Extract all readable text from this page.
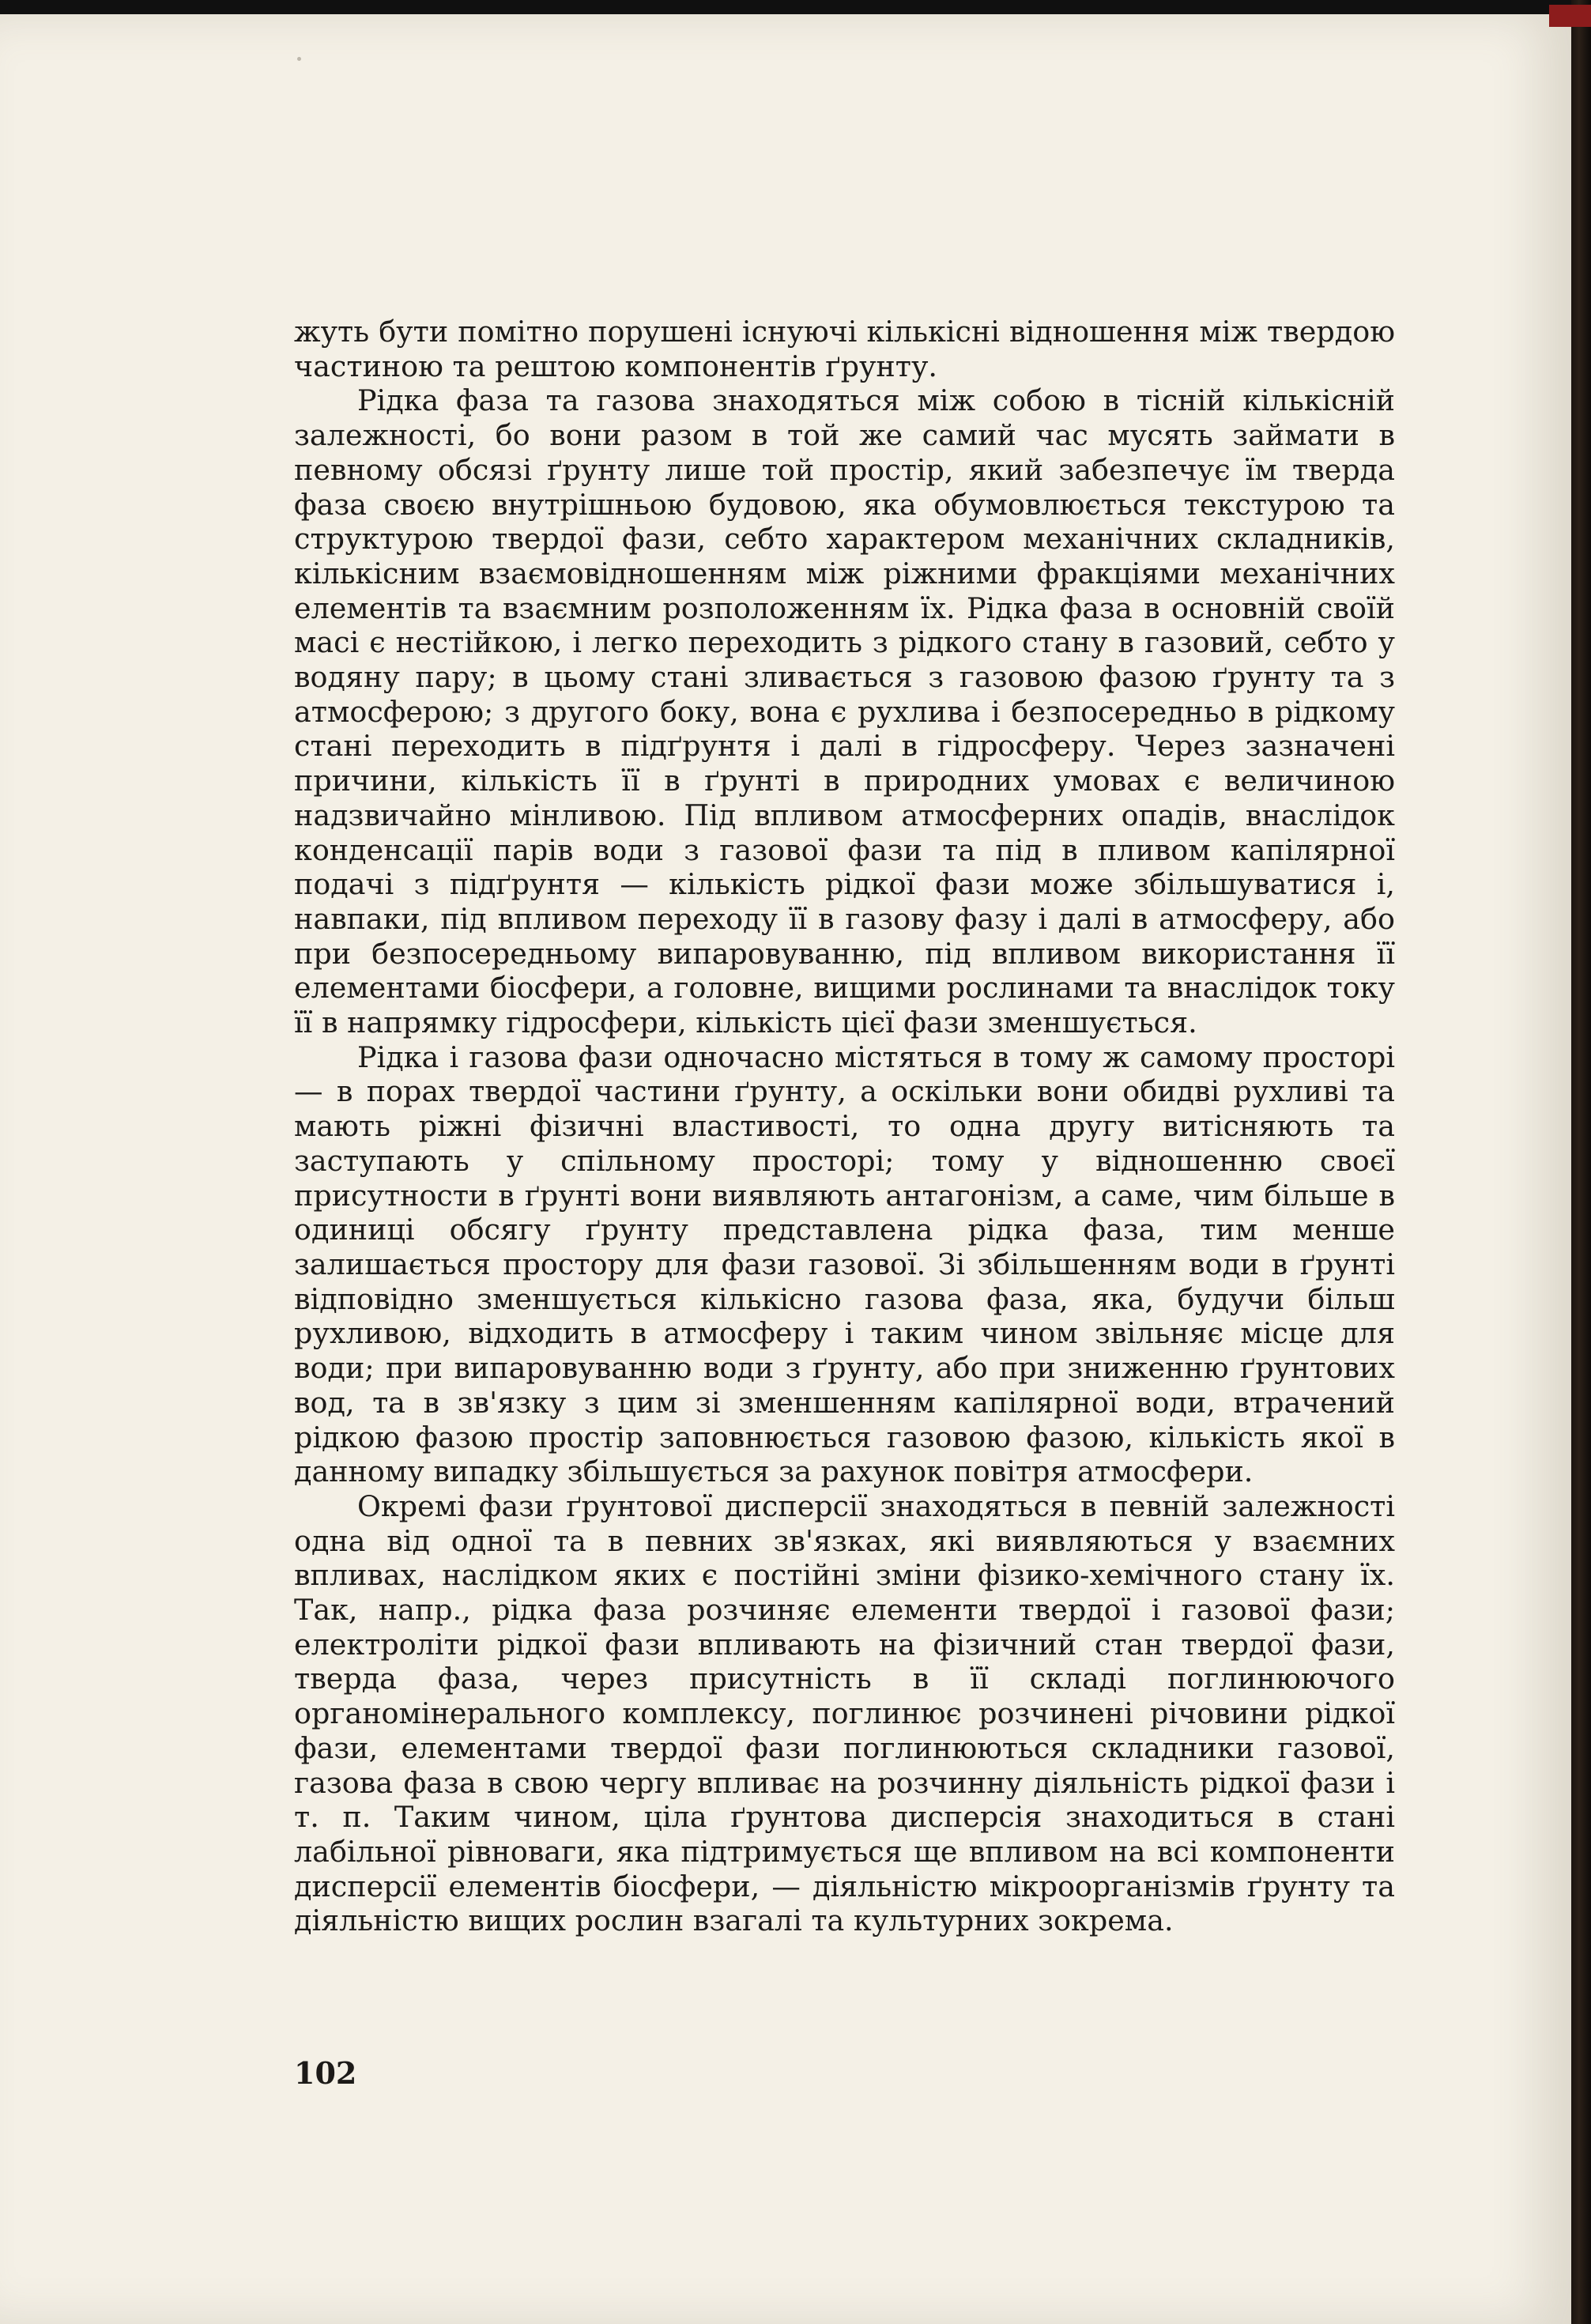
жуть бути помітно порушені існуючі кількісні відношення між твердою частиною та рештою компонентів ґрунту.

Рідка фаза та газова знаходяться між собою в тісній кількісній залежності, бо вони разом в той же самий час мусять займати в певному обсязі ґрунту лише той простір, який забезпечує їм тверда фаза своєю внутрішньою будовою, яка обумовлюється текстурою та структурою твердої фази, себто характером механічних складників, кількісним взаємовідношенням між ріжними фракціями механічних елементів та взаємним розположенням їх. Рідка фаза в основній своїй масі є нестійкою, і легко переходить з рідкого стану в газовий, себто у водяну пару; в цьому стані зливається з газовою фазою ґрунту та з атмосферою; з другого боку, вона є рухлива і безпосередньо в рідкому стані переходить в підґрунтя і далі в гідросферу. Через зазначені причини, кількість її в ґрунті в природних умовах є величиною надзвичайно мінливою. Під впливом атмосферних опадів, внаслідок конденсації парів води з газової фази та під в пливом капілярної подачі з підґрунтя — кількість рідкої фази може збільшуватися і, навпаки, під впливом переходу її в газову фазу і далі в атмосферу, або при безпосередньому випаровуванню, під впливом використання її елементами біосфери, а головне, вищими рослинами та внаслідок току її в напрямку гідросфери, кількість цієї фази зменшується.

Рідка і газова фази одночасно містяться в тому ж самому просторі — в порах твердої частини ґрунту, а оскільки вони обидві рухливі та мають ріжні фізичні властивості, то одна другу витісняють та заступають у спільному просторі; тому у відношенню своєї присутности в ґрунті вони виявляють антагонізм, а саме, чим більше в одиниці обсягу ґрунту представлена рідка фаза, тим менше залишається простору для фази газової. Зі збільшенням води в ґрунті відповідно зменшується кількісно газова фаза, яка, будучи більш рухливою, відходить в атмосферу і таким чином звільняє місце для води; при випаровуванню води з ґрунту, або при зниженню ґрунтових вод, та в зв'язку з цим зі зменшенням капілярної води, втрачений рідкою фазою простір заповнюється газовою фазою, кількість якої в данному випадку збільшується за рахунок повітря атмосфери.

Окремі фази ґрунтової дисперсії знаходяться в певній залежності одна від одної та в певних зв'язках, які виявляються у взаємних впливах, наслідком яких є постійні зміни фізико-хемічного стану їх. Так, напр., рідка фаза розчиняє елементи твердої і газової фази; електроліти рідкої фази впливають на фізичний стан твердої фази, тверда фаза, через присутність в її складі поглинюючого органомінерального комплексу, поглинює розчинені річовини рідкої фази, елементами твердої фази поглинюються складники газової, газова фаза в свою чергу впливає на розчинну діяльність рідкої фази і т. п. Таким чином, ціла ґрунтова дисперсія знаходиться в стані лабільної рівноваги, яка підтримується ще впливом на всі компоненти дисперсії елементів біосфери, — діяльністю мікроорганізмів ґрунту та діяльністю вищих рослин взагалі та культурних зокрема.

102
